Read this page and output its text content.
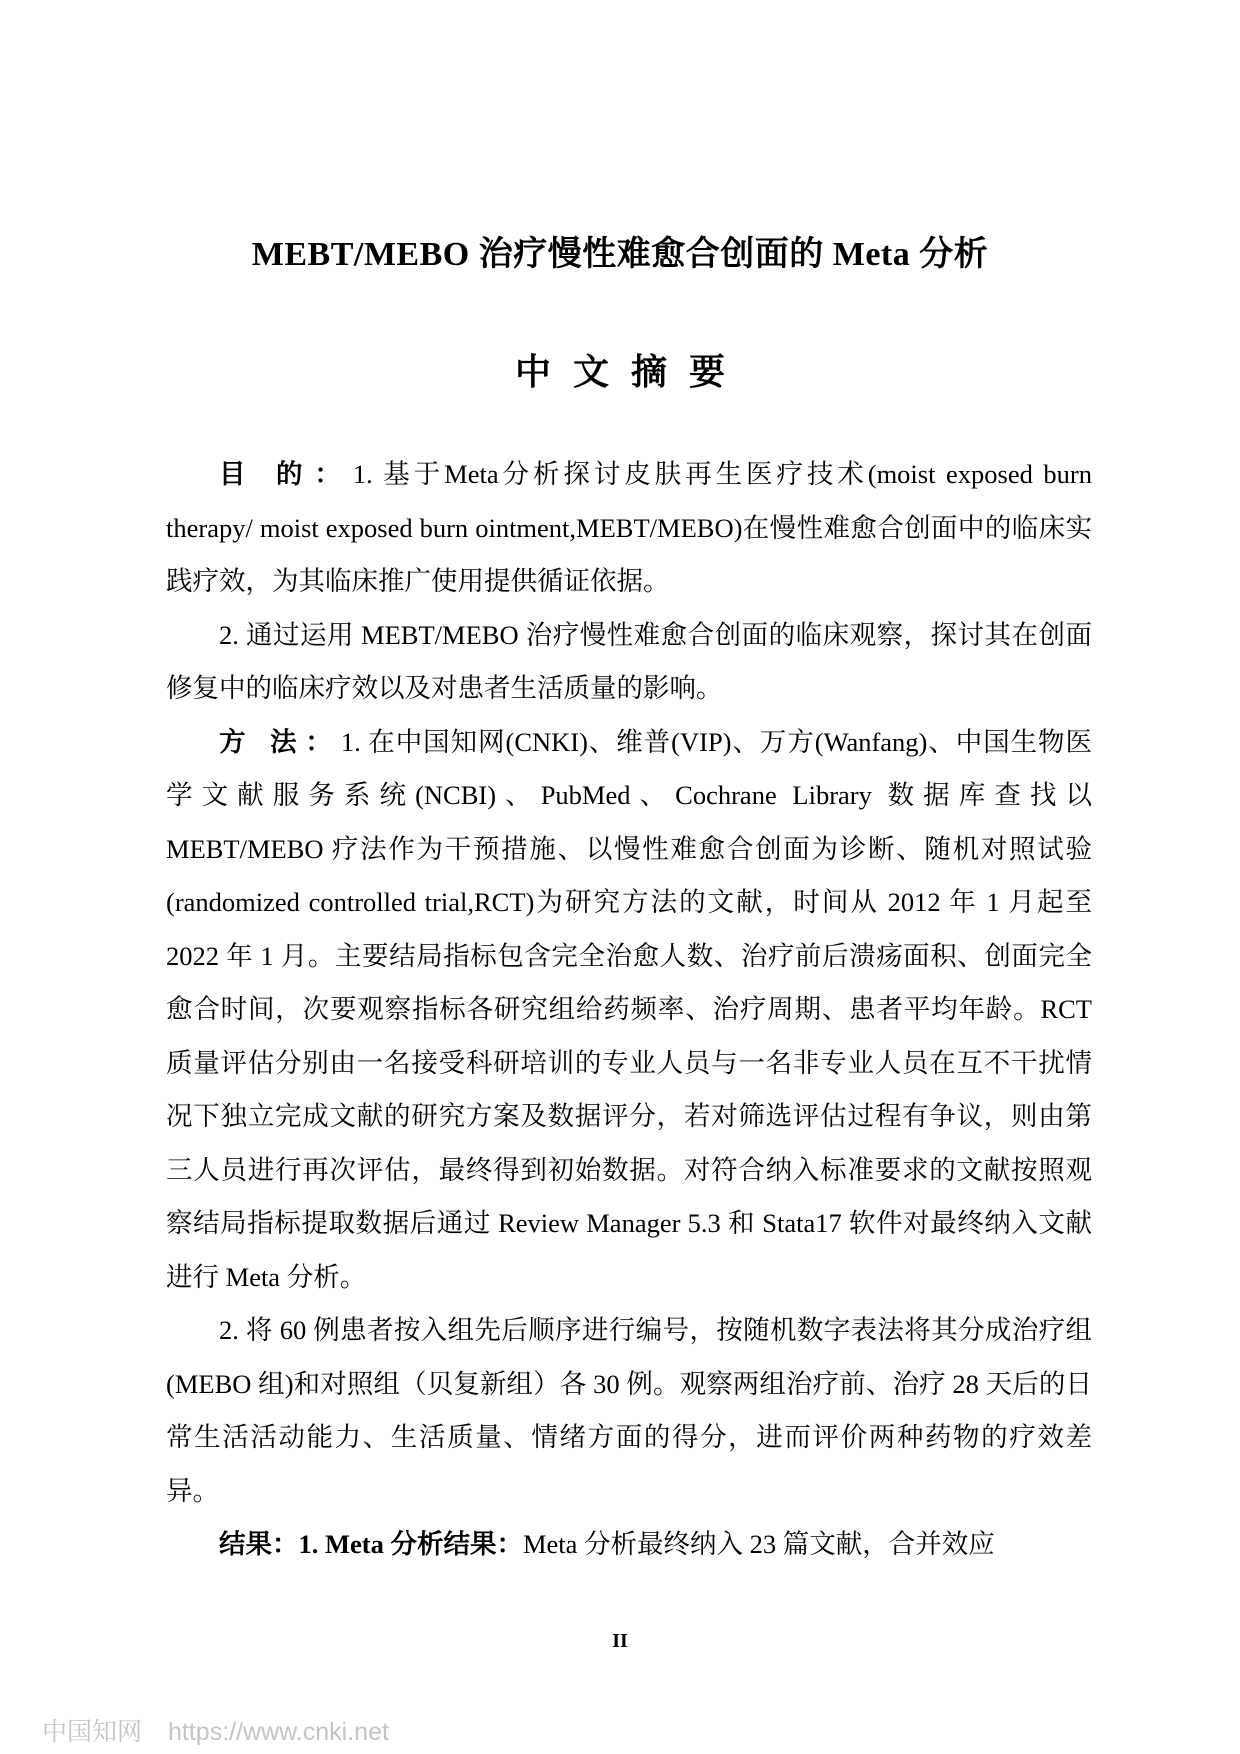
MEBT/MEBO 治疗慢性难愈合创面的 Meta 分析
中文摘要

目 的：1. 基于Meta分析探讨皮肤再生医疗技术(moist exposed burn therapy/ moist exposed burn ointment,MEBT/MEBO)在慢性难愈合创面中的临床实践疗效，为其临床推广使用提供循证依据。

2. 通过运用 MEBT/MEBO 治疗慢性难愈合创面的临床观察，探讨其在创面修复中的临床疗效以及对患者生活质量的影响。

方 法：1. 在中国知网(CNKI)、维普(VIP)、万方(Wanfang)、中国生物医学文献服务系统(NCBI)、PubMed、Cochrane Library 数据库查找以 MEBT/MEBO 疗法作为干预措施、以慢性难愈合创面为诊断、随机对照试验(randomized controlled trial,RCT)为研究方法的文献，时间从 2012 年 1 月起至 2022 年 1 月。主要结局指标包含完全治愈人数、治疗前后溃疡面积、创面完全愈合时间，次要观察指标各研究组给药频率、治疗周期、患者平均年龄。RCT 质量评估分别由一名接受科研培训的专业人员与一名非专业人员在互不干扰情况下独立完成文献的研究方案及数据评分，若对筛选评估过程有争议，则由第三人员进行再次评估，最终得到初始数据。对符合纳入标准要求的文献按照观察结局指标提取数据后通过 Review Manager 5.3 和 Stata17 软件对最终纳入文献进行 Meta 分析。

2. 将 60 例患者按入组先后顺序进行编号，按随机数字表法将其分成治疗组(MEBO 组)和对照组（贝复新组）各 30 例。观察两组治疗前、治疗 28 天后的日常生活活动能力、生活质量、情绪方面的得分，进而评价两种药物的疗效差异。

结果：1. Meta 分析结果：Meta 分析最终纳入 23 篇文献，合并效应

II
中国知网 https://www.cnki.net
